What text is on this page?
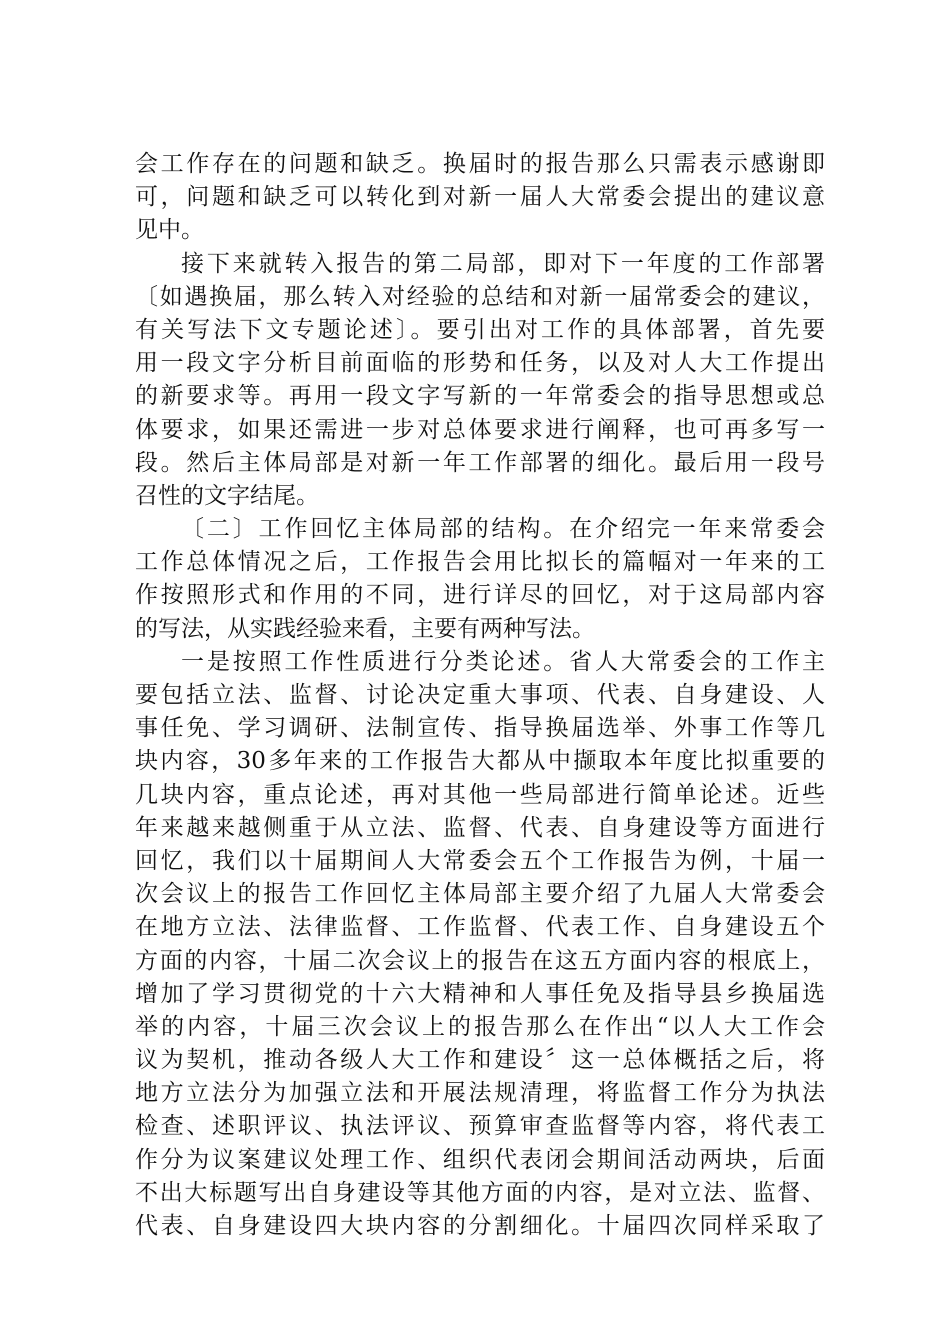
会工作存在的问题和缺乏。换届时的报告那么只需表示感谢即
可，问题和缺乏可以转化到对新一届人大常委会提出的建议意
见中。
接下来就转入报告的第二局部，即对下一年度的工作部署
〔如遇换届，那么转入对经验的总结和对新一届常委会的建议，
有关写法下文专题论述〕。要引出对工作的具体部署，首先要
用一段文字分析目前面临的形势和任务，以及对人大工作提出
的新要求等。再用一段文字写新的一年常委会的指导思想或总
体要求，如果还需进一步对总体要求进行阐释，也可再多写一
段。然后主体局部是对新一年工作部署的细化。最后用一段号
召性的文字结尾。
〔二〕工作回忆主体局部的结构。在介绍完一年来常委会
工作总体情况之后，工作报告会用比拟长的篇幅对一年来的工
作按照形式和作用的不同，进行详尽的回忆，对于这局部内容
的写法，从实践经验来看，主要有两种写法。
一是按照工作性质进行分类论述。省人大常委会的工作主
要包括立法、监督、讨论决定重大事项、代表、自身建设、人
事任免、学习调研、法制宣传、指导换届选举、外事工作等几
块内容，30多年来的工作报告大都从中撷取本年度比拟重要的
几块内容，重点论述，再对其他一些局部进行简单论述。近些
年来越来越侧重于从立法、监督、代表、自身建设等方面进行
回忆，我们以十届期间人大常委会五个工作报告为例，十届一
次会议上的报告工作回忆主体局部主要介绍了九届人大常委会
在地方立法、法律监督、工作监督、代表工作、自身建设五个
方面的内容，十届二次会议上的报告在这五方面内容的根底上，
增加了学习贯彻党的十六大精神和人事任免及指导县乡换届选
举的内容，十届三次会议上的报告那么在作出“以人大工作会
议为契机，推动各级人大工作和建设〞这一总体概括之后，将
地方立法分为加强立法和开展法规清理，将监督工作分为执法
检查、述职评议、执法评议、预算审查监督等内容，将代表工
作分为议案建议处理工作、组织代表闭会期间活动两块，后面
不出大标题写出自身建设等其他方面的内容，是对立法、监督、
代表、自身建设四大块内容的分割细化。十届四次同样采取了
